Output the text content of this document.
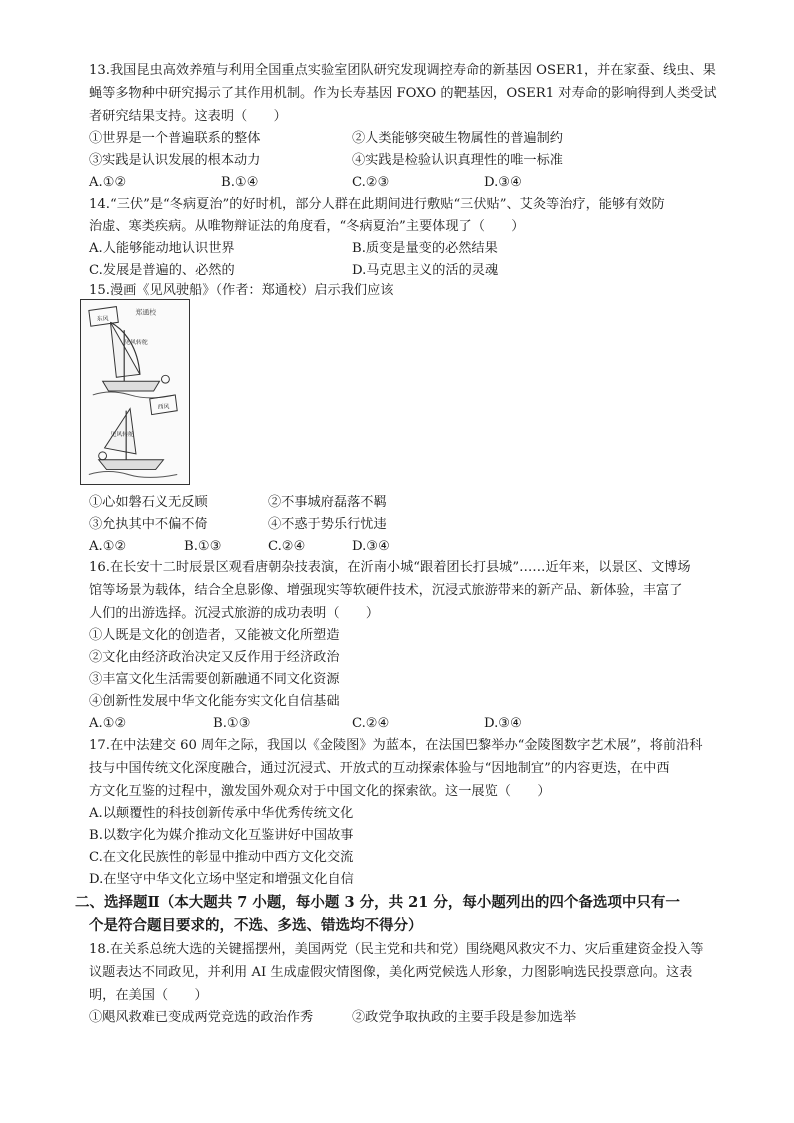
13.我国昆虫高效养殖与利用全国重点实验室团队研究发现调控寿命的新基因 OSER1，并在家蚕、线虫、果
蝇等多物种中研究揭示了其作用机制。作为长寿基因 FOXO 的靶基因，OSER1 对寿命的影响得到人类受试
者研究结果支持。这表明（　　）
①世界是一个普遍联系的整体	②人类能够突破生物属性的普遍制约
③实践是认识发展的根本动力	④实践是检验认识真理性的唯一标准
A.①②	B.①④	C.②③	D.③④
14.“三伏”是“冬病夏治”的好时机，部分人群在此期间进行敷贴“三伏贴”、艾灸等治疗，能够有效防
治虚、寒类疾病。从唯物辩证法的角度看，“冬病夏治”主要体现了（　　）
A.人能够能动地认识世界	B.质变是量变的必然结果
C.发展是普遍的、必然的	D.马克思主义的活的灵魂
15.漫画《见风驶船》（作者：郑通校）启示我们应该
郑通校
东风
见风转舵
西风
见风转舵
①心如磐石义无反顾	②不事城府磊落不羁
③允执其中不偏不倚	④不惑于势乐行忧违
A.①②	B.①③	C.②④	D.③④
16.在长安十二时辰景区观看唐朝杂技表演，在沂南小城“跟着团长打县城”……近年来，以景区、文博场
馆等场景为载体，结合全息影像、增强现实等软硬件技术，沉浸式旅游带来的新产品、新体验，丰富了
人们的出游选择。沉浸式旅游的成功表明（　　）
①人既是文化的创造者，又能被文化所塑造
②文化由经济政治决定又反作用于经济政治
③丰富文化生活需要创新融通不同文化资源
④创新性发展中华文化能夯实文化自信基础
A.①②	B.①③	C.②④	D.③④
17.在中法建交 60 周年之际，我国以《金陵图》为蓝本，在法国巴黎举办“金陵图数字艺术展”，将前沿科
技与中国传统文化深度融合，通过沉浸式、开放式的互动探索体验与“因地制宜”的内容更迭，在中西
方文化互鉴的过程中，激发国外观众对于中国文化的探索欲。这一展览（　　）
A.以颠覆性的科技创新传承中华优秀传统文化
B.以数字化为媒介推动文化互鉴讲好中国故事
C.在文化民族性的彰显中推动中西方文化交流
D.在坚守中华文化立场中坚定和增强文化自信
二、选择题Ⅱ（本大题共 7 小题，每小题 3 分，共 21 分，每小题列出的四个备选项中只有一
个是符合题目要求的，不选、多选、错选均不得分）
18.在关系总统大选的关键摇摆州，美国两党（民主党和共和党）围绕飓风救灾不力、灾后重建资金投入等
议题表达不同政见，并利用 AI 生成虚假灾情图像，美化两党候选人形象，力图影响选民投票意向。这表
明，在美国（　　）
①飓风救难已变成两党竞选的政治作秀	②政党争取执政的主要手段是参加选举
